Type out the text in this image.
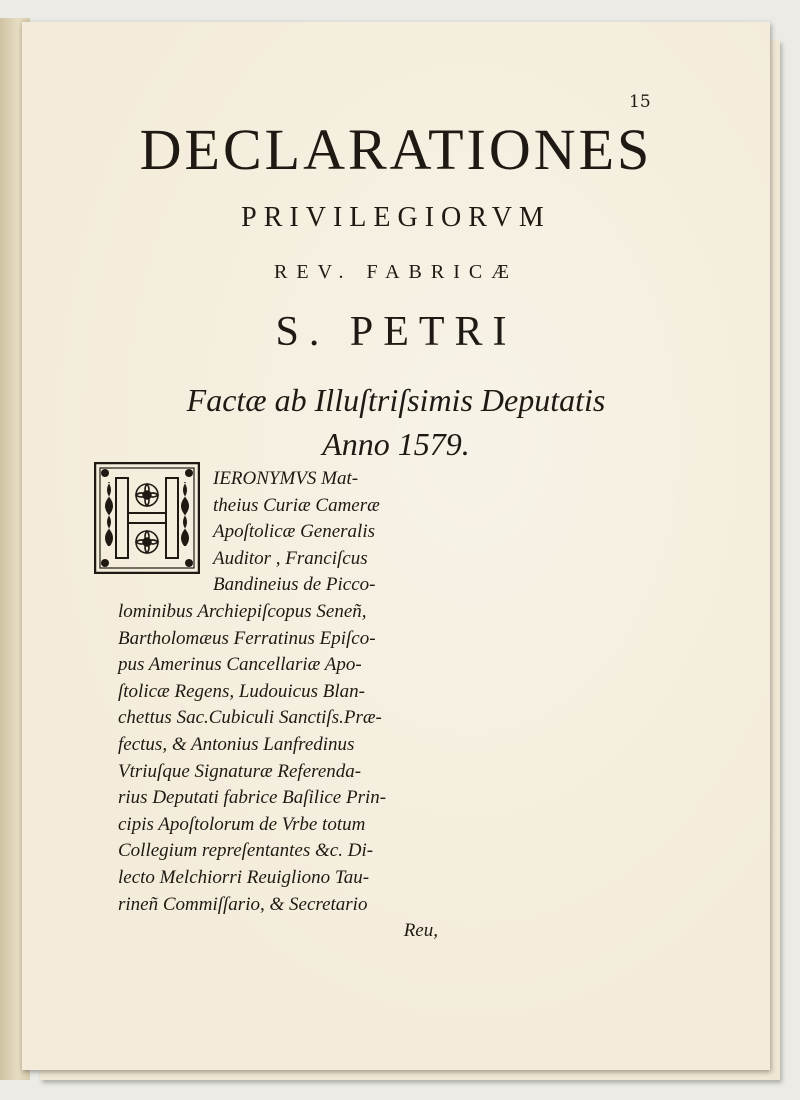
15
DECLARATIONES
PRIVILEGIORVM
REV. FABRICÆ
S. PETRI
Factæ ab Illuſtriſsimis Deputatis
Anno 1579.
IERONYMVS Mat-
theius Curiæ Cameræ
Apoſtolicæ Generalis
Auditor , Franciſcus
Bandineius de Picco-
lominibus Archiepiſcopus Seneñ,
Bartholomæus Ferratinus Epiſco-
pus Amerinus Cancellariæ Apo-
ſtolicæ Regens, Ludouicus Blan-
chettus Sac.Cubiculi Sanctiſs.Præ-
fectus, & Antonius Lanfredinus
Vtriuſque Signaturæ Referenda-
rius Deputati fabrice Baſilice Prin-
cipis Apoſtolorum de Vrbe totum
Collegium repreſentantes &c. Di-
lecto Melchiorri Reuigliono Tau-
rineñ Commiſſario, & Secretario
Reu,
